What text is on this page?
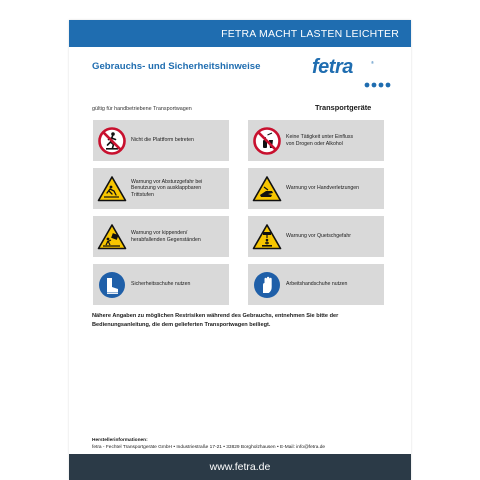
FETRA MACHT LASTEN LEICHTER
Gebrauchs- und Sicherheitshinweise
gültig für handbetriebene Transportwagen
fetra	®
Transportgeräte
Nicht die Plattform betreten
Keine Tätigkeit unter Einfluss
von Drogen oder Alkohol
Warnung vor Absturzgefahr bei
Benutzung von ausklappbaren
Trittstufen
Warnung vor Handverletzungen
Warnung vor kippenden/
herabfallenden Gegenständen
Warnung vor Quetschgefahr
Sicherheitsschuhe nutzen	Arbeitshandschuhe nutzen
Nähere Angaben zu möglichen Restrisiken während des Gebrauchs, entnehmen Sie bitte der Bedienungsanleitung, die dem gelieferten Transportwagen beiliegt.
Herstellerinformationen:
fetra - Fechtel Transportgeräte GmbH • Industriestraße 17-21 • 33829 Borgholzhausen • E-Mail: info@fetra.de
www.fetra.de
